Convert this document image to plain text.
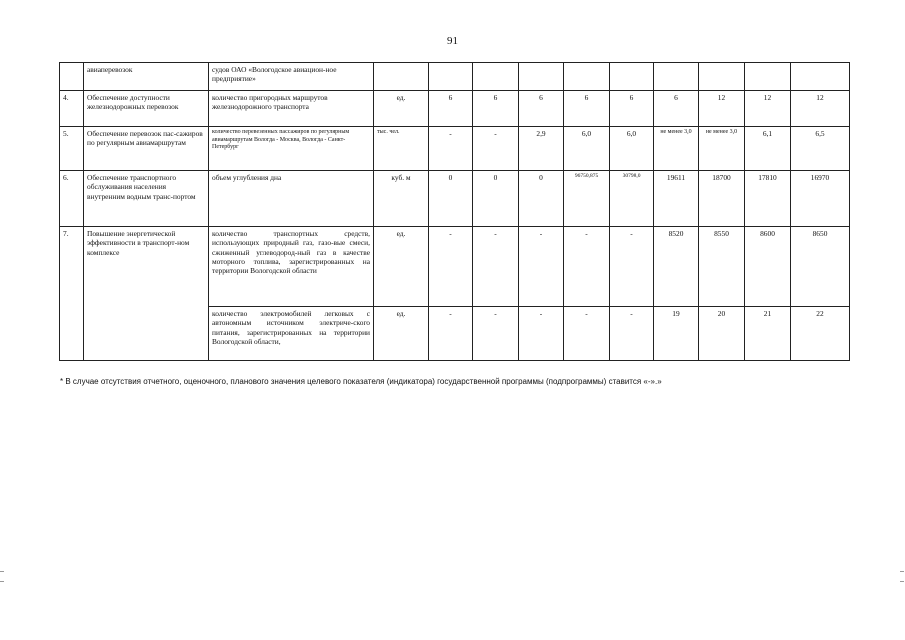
91
	авиаперевозок	судов ОАО «Вологодское авиацион-ное предприятие»										
4.	Обеспечение доступности железнодорожных перевозок	количество пригородных маршрутов железнодорожного транспорта	ед.	6	6	6	6	6	6	12	12	12
5.	Обеспечение перевозок пас-сажиров по регулярным авиамаршрутам	количество перевезенных пассажиров по регулярным авиамаршрутам Вологда - Москва, Вологда - Санкт-Петербург	тыс. чел.	-	-	2,9	6,0	6,0	не менее 3,0	не менее 3,0	6,1	6,5
6.	Обеспечение транспортного обслуживания населения внутренним водным транс-портом	объем углубления дна	куб. м	0	0	0	96750,875	30798,0	19611	18700	17810	16970
7.	Повышение энергетической эффективности в транспорт-ном комплексе	количество транспортных средств, использующих природный газ, газо-вые смеси, сжиженный углеводород-ный газ в качестве моторного топлива, зарегистрированных на территории Вологодской области	ед.	-	-	-	-	-	8520	8550	8600	8650
		количество электромобилей легковых с автономным источником электриче-ского питания, зарегистрированных на территории Вологодской области,	ед.	-	-	-	-	-	19	20	21	22
* В случае отсутствия отчетного, оценочного, планового значения целевого показателя (индикатора) государственной программы (подпрограммы) ставится «-».»
